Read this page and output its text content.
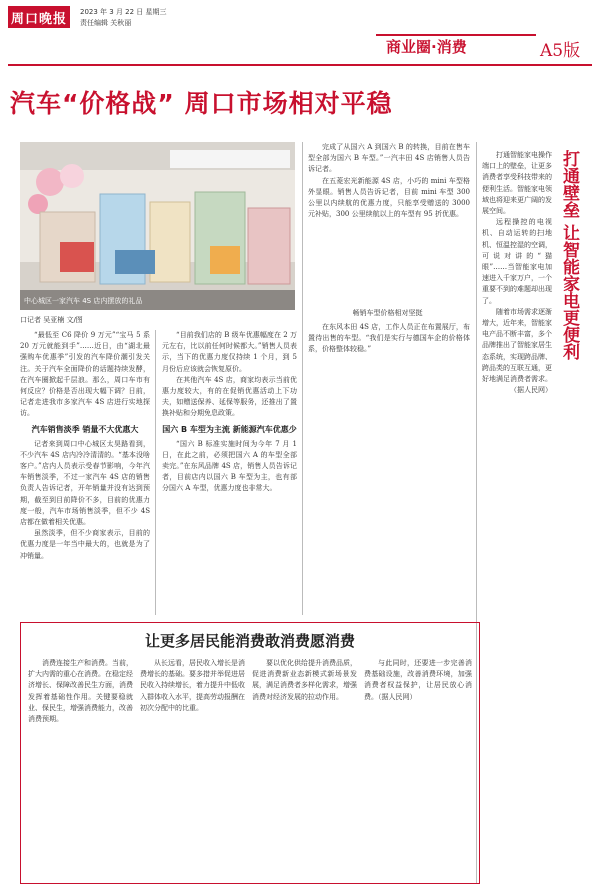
周口晚报	2023 年 3 月 22 日 星期三
责任编辑 关秋丽
商业圈·消费	A5版
汽车“价格战” 周口市场相对平稳
中心城区一家汽车 4S 店内摆放的礼品
口记者 吴亚楠 文/图

“最低至 C6 降价 9 万元”“宝马 5 系 20 万元就能到手”……近日，由“湖北最强购车优惠季”引发的汽车降价潮引发关注。关于汽车全面降价的话题持续发酵，在汽车圈掀起千层浪。那么，周口车市有何反应？价格是否出现大幅下调？日前，记者走进我市多家汽车 4S 店进行实地探访。

汽车销售淡季 销量不大优惠大

记者来到周口中心城区太昊路看到，不少汽车 4S 店内冷冷清清的。“基本没啥客户。”店内人员表示受春节影响，今年汽车销售淡季，不过一家汽车 4S 店的销售负责人告诉记者，开年销量并没有达到预期，截至到目前降价不多，目前的优惠力度一般，汽车市场销售淡季，但不少 4S 店都在做着相关优惠。

虽然淡季，但不少商家表示，目前的优惠力度是一年当中最大的，也就是为了冲销量。

“目前我们店的 B 级车优惠幅度在 2 万元左右，比以前任何时候都大。”销售人员表示，当下的优惠力度仅持续 1 个月，到 5 月份后应该就会恢复原价。

在其他汽车 4S 店，商家均表示当前优惠力度较大，有的在促销优惠活动上下功夫，如赠送保养、延保等服务，还推出了置换补贴和分期免息政策。

国六 B 车型为主流 新能源汽车优惠少

“国六 B 标准实施时间为今年 7 月 1 日，在此之前，必须把国六 A 的车型全部卖完。”在东风品牌 4S 店，销售人员告诉记者，目前店内以国六 B 车型为主，也有部分国六 A 车型，优惠力度也非常大。

完成了从国六 A 到国六 B 的转换，目前在售车型全部为国六 B 车型。”一汽丰田 4S 店销售人员告诉记者。

在五菱宏光新能源 4S 店，小巧的 mini 车型格外显眼。销售人员告诉记者，目前 mini 车型 300 公里以内续航的优惠力度，只能享受赠送的 3000 元补贴，300 公里续航以上的车型有 95 折优惠。

畅销车型价格相对坚挺

在东风本田 4S 店，工作人员正在布置展厅，布置待出售的车型。“我们是实行与德国车企的价格体系，价格整体较稳。”	打通壁垒 让智能家电更便利

打通智能家电操作端口上的壁垒，让更多消费者享受科技带来的便利生活。智能家电领域也将迎来更广阔的发展空间。

远程操控的电视机、自动运转的扫地机、恒温控湿的空调，可说对讲的“猫眼”……当智能家电加速进入千家万户，一个重要不到的难题却出现了。

随着市场需求逐渐增大，近年来，智能家电产品不断丰富，多个品牌推出了智能家居生态系统，实现跨品牌、跨品类的互联互通，更好地满足消费者需求。

（据人民网）

让更多居民能消费敢消费愿消费

消费连接生产和消费。当前，扩大内需的重心在消费。在稳定经济增长、保障改善民生方面，消费发挥着基础性作用。关键要稳就业、保民生，增强消费能力，改善消费预期。

从长远看，居民收入增长是消费增长的基础。要多措并举促进居民收入持续增长，着力提升中低收入群体收入水平，提高劳动报酬在初次分配中的比重。

要以优化供给提升消费品质，促进消费新业态新模式新场景发展，满足消费者多样化需求，增强消费对经济发展的拉动作用。

与此同时，还要进一步完善消费基础设施，改善消费环境，加强消费者权益保护，让居民放心消费。（据人民网）
